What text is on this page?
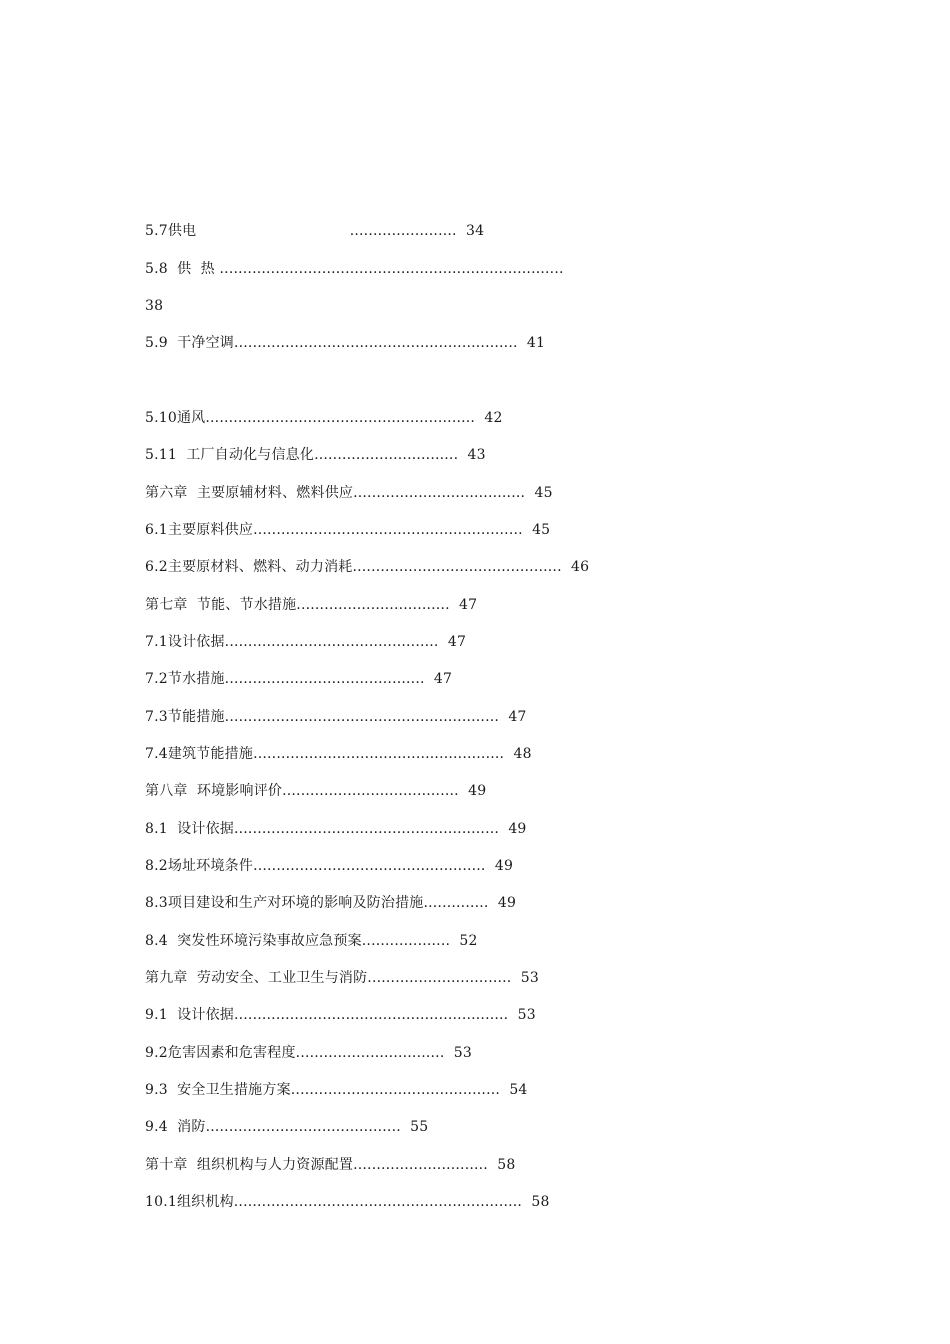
5.7供电                                 .......................  34
5.8  供  热 ..........................................................................
38
5.9  干净空调.............................................................  41
5.10通风..........................................................  42
5.11  工厂自动化与信息化...............................  43
第六章  主要原辅材料、燃料供应.....................................  45
6.1主要原料供应..........................................................  45
6.2主要原材料、燃料、动力消耗.............................................  46
第七章  节能、节水措施.................................  47
7.1设计依据..............................................  47
7.2节水措施...........................................  47
7.3节能措施...........................................................  47
7.4建筑节能措施......................................................  48
第八章  环境影响评价......................................  49
8.1  设计依据.........................................................  49
8.2场址环境条件..................................................  49
8.3项目建设和生产对环境的影响及防治措施..............  49
8.4  突发性环境污染事故应急预案...................  52
第九章  劳动安全、工业卫生与消防...............................  53
9.1  设计依据...........................................................  53
9.2危害因素和危害程度................................  53
9.3  安全卫生措施方案.............................................  54
9.4  消防..........................................  55
第十章  组织机构与人力资源配置.............................  58
10.1组织机构..............................................................  58
